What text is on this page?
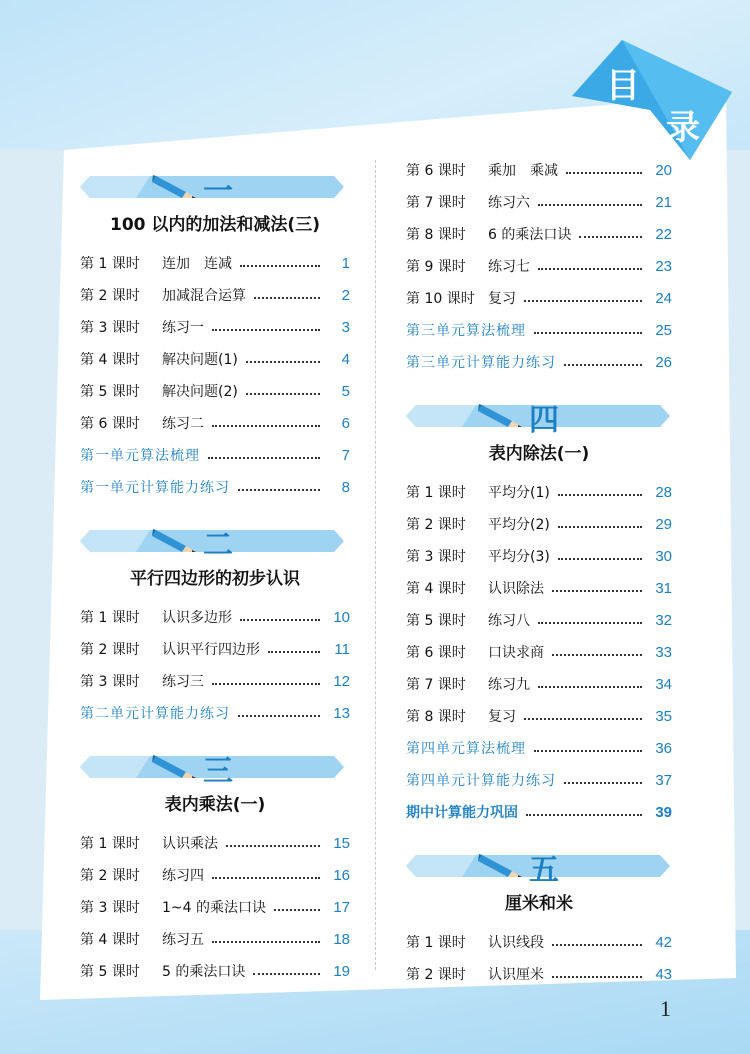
目
录
一
100 以内的加法和减法(三)
第 1 课时	连加　连减	1
第 2 课时	加减混合运算	2
第 3 课时	练习一	3
第 4 课时	解决问题(1)	4
第 5 课时	解决问题(2)	5
第 6 课时	练习二	6
第一单元算法梳理	7
第一单元计算能力练习	8
二
平行四边形的初步认识
第 1 课时	认识多边形	10
第 2 课时	认识平行四边形	11
第 3 课时	练习三	12
第二单元计算能力练习	13
三
表内乘法(一)
第 1 课时	认识乘法	15
第 2 课时	练习四	16
第 3 课时	1~4 的乘法口诀	17
第 4 课时	练习五	18
第 5 课时	5 的乘法口诀	19
第 6 课时	乘加　乘减	20
第 7 课时	练习六	21
第 8 课时	6 的乘法口诀	22
第 9 课时	练习七	23
第 10 课时 复习	24
第三单元算法梳理	25
第三单元计算能力练习	26
四
表内除法(一)
第 1 课时	平均分(1)	28
第 2 课时	平均分(2)	29
第 3 课时	平均分(3)	30
第 4 课时	认识除法	31
第 5 课时	练习八	32
第 6 课时	口诀求商	33
第 7 课时	练习九	34
第 8 课时	复习	35
第四单元算法梳理	36
第四单元计算能力练习	37
期中计算能力巩固	39
五
厘米和米
第 1 课时	认识线段	42
第 2 课时	认识厘米	43
1
